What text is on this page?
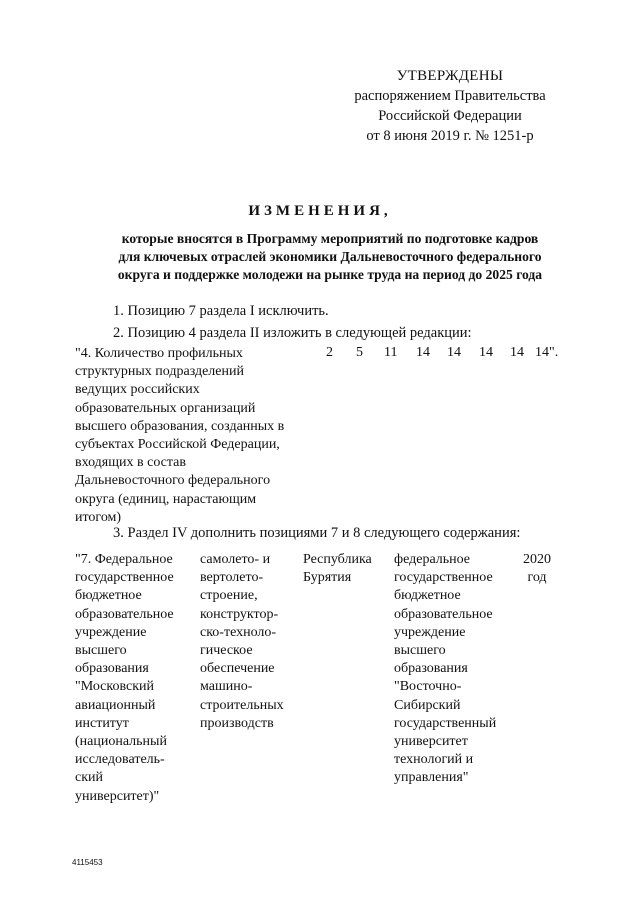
УТВЕРЖДЕНЫ
распоряжением Правительства
Российской Федерации
от 8 июня 2019 г. № 1251-р
ИЗМЕНЕНИЯ,
которые вносятся в Программу мероприятий по подготовке кадров
для ключевых отраслей экономики Дальневосточного федерального
округа и поддержке молодежи на рынке труда на период до 2025 года
1. Позицию 7 раздела I исключить.
2. Позицию 4 раздела II изложить в следующей редакции:
"4. Количество профильных
структурных подразделений
ведущих российских
образовательных организаций
высшего образования, созданных в
субъектах Российской Федерации,
входящих в состав
Дальневосточного федерального
округа (единиц, нарастающим
итогом)
2 5 11 14 14 14 14 14".
3. Раздел IV дополнить позициями 7 и 8 следующего содержания:
"7. Федеральное
государственное
бюджетное
образовательное
учреждение
высшего
образования
"Московский
авиационный
институт
(национальный
исследователь-
ский
университет)"
самолето- и
вертолето-
строение,
конструктор-
ско-техноло-
гическое
обеспечение
машино-
строительных
производств
Республика
Бурятия
федеральное
государственное
бюджетное
образовательное
учреждение
высшего
образования
"Восточно-
Сибирский
государственный
университет
технологий и
управления"
2020
год
4115453
